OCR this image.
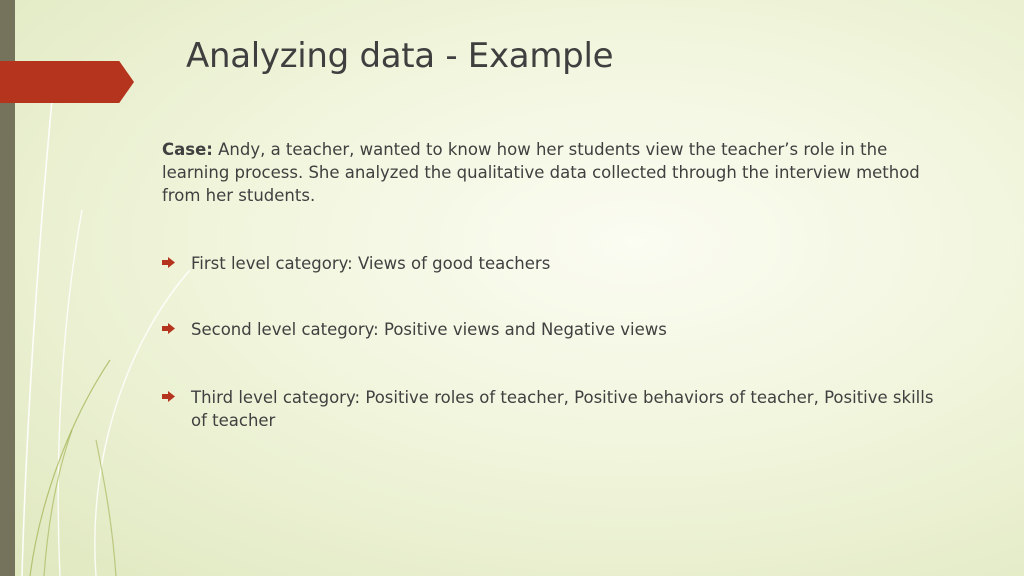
Analyzing data - Example

Case: Andy, a teacher, wanted to know how her students view the teacher’s role in the learning process. She analyzed the qualitative data collected through the interview method from her students.

First level category: Views of good teachers
Second level category: Positive views and Negative views
Third level category: Positive roles of teacher, Positive behaviors of teacher, Positive skills of teacher
